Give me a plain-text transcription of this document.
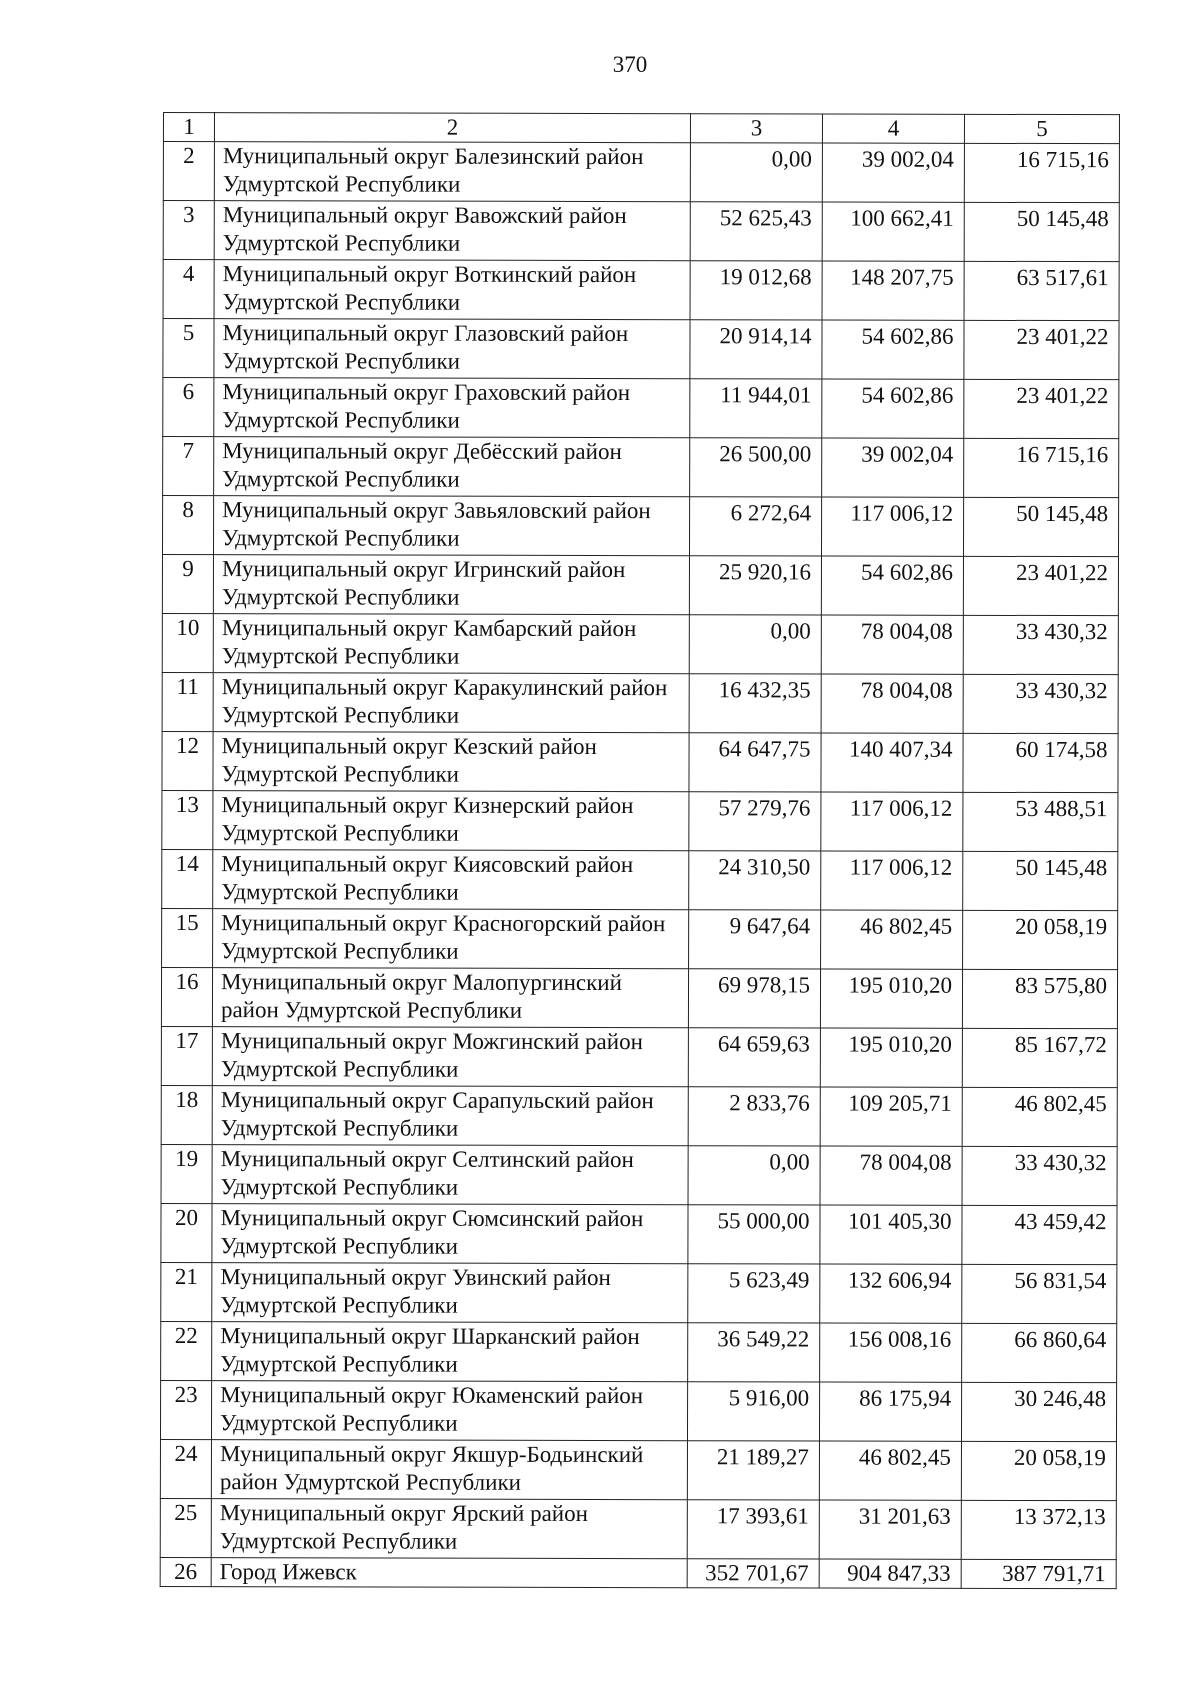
370
1	2	3	4	5
2	Муниципальный округ Балезинский район Удмуртской Республики	0,00	39 002,04	16 715,16
3	Муниципальный округ Вавожский район Удмуртской Республики	52 625,43	100 662,41	50 145,48
4	Муниципальный округ Воткинский район Удмуртской Республики	19 012,68	148 207,75	63 517,61
5	Муниципальный округ Глазовский район Удмуртской Республики	20 914,14	54 602,86	23 401,22
6	Муниципальный округ Граховский район Удмуртской Республики	11 944,01	54 602,86	23 401,22
7	Муниципальный округ Дебёсский район Удмуртской Республики	26 500,00	39 002,04	16 715,16
8	Муниципальный округ Завьяловский район Удмуртской Республики	6 272,64	117 006,12	50 145,48
9	Муниципальный округ Игринский район Удмуртской Республики	25 920,16	54 602,86	23 401,22
10	Муниципальный округ Камбарский район Удмуртской Республики	0,00	78 004,08	33 430,32
11	Муниципальный округ Каракулинский район Удмуртской Республики	16 432,35	78 004,08	33 430,32
12	Муниципальный округ Кезский район Удмуртской Республики	64 647,75	140 407,34	60 174,58
13	Муниципальный округ Кизнерский район Удмуртской Республики	57 279,76	117 006,12	53 488,51
14	Муниципальный округ Киясовский район Удмуртской Республики	24 310,50	117 006,12	50 145,48
15	Муниципальный округ Красногорский район Удмуртской Республики	9 647,64	46 802,45	20 058,19
16	Муниципальный округ Малопургинский район Удмуртской Республики	69 978,15	195 010,20	83 575,80
17	Муниципальный округ Можгинский район Удмуртской Республики	64 659,63	195 010,20	85 167,72
18	Муниципальный округ Сарапульский район Удмуртской Республики	2 833,76	109 205,71	46 802,45
19	Муниципальный округ Селтинский район Удмуртской Республики	0,00	78 004,08	33 430,32
20	Муниципальный округ Сюмсинский район Удмуртской Республики	55 000,00	101 405,30	43 459,42
21	Муниципальный округ Увинский район Удмуртской Республики	5 623,49	132 606,94	56 831,54
22	Муниципальный округ Шарканский район Удмуртской Республики	36 549,22	156 008,16	66 860,64
23	Муниципальный округ Юкаменский район Удмуртской Республики	5 916,00	86 175,94	30 246,48
24	Муниципальный округ Якшур-Бодьинский район Удмуртской Республики	21 189,27	46 802,45	20 058,19
25	Муниципальный округ Ярский район Удмуртской Республики	17 393,61	31 201,63	13 372,13
26	Город Ижевск	352 701,67	904 847,33	387 791,71
